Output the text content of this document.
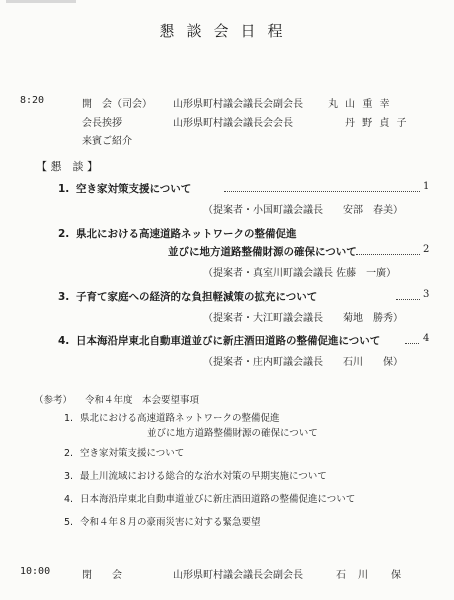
懇談会日程
8:20	開　会（司会） 山形県町村議会議長会副会長	丸 山 重 幸
会長挨拶	山形県町村議会議長会会長	丹 野 貞 子
来賓ご紹介
【 懇　談 】
1. 空き家対策支援について	1
（提案者・小国町議会議長　　安部　春美）
2. 県北における高速道路ネットワークの整備促進
並びに地方道路整備財源の確保について	2
（提案者・真室川町議会議長 佐藤　一廣）
3. 子育て家庭への経済的な負担軽減策の拡充について	3
（提案者・大江町議会議長　　菊地　勝秀）
4. 日本海沿岸東北自動車道並びに新庄酒田道路の整備促進について	4
（提案者・庄内町議会議長　　石川　　保）
（参考） 令和４年度　本会要望事項
1. 県北における高速道路ネットワークの整備促進
並びに地方道路整備財源の確保について
2. 空き家対策支援について
3. 最上川流域における総合的な治水対策の早期実施について
4. 日本海沿岸東北自動車道並びに新庄酒田道路の整備促進について
5. 令和４年８月の豪雨災害に対する緊急要望
10:00	閉　　会	山形県町村議会議長会副会長	石　川　　保
